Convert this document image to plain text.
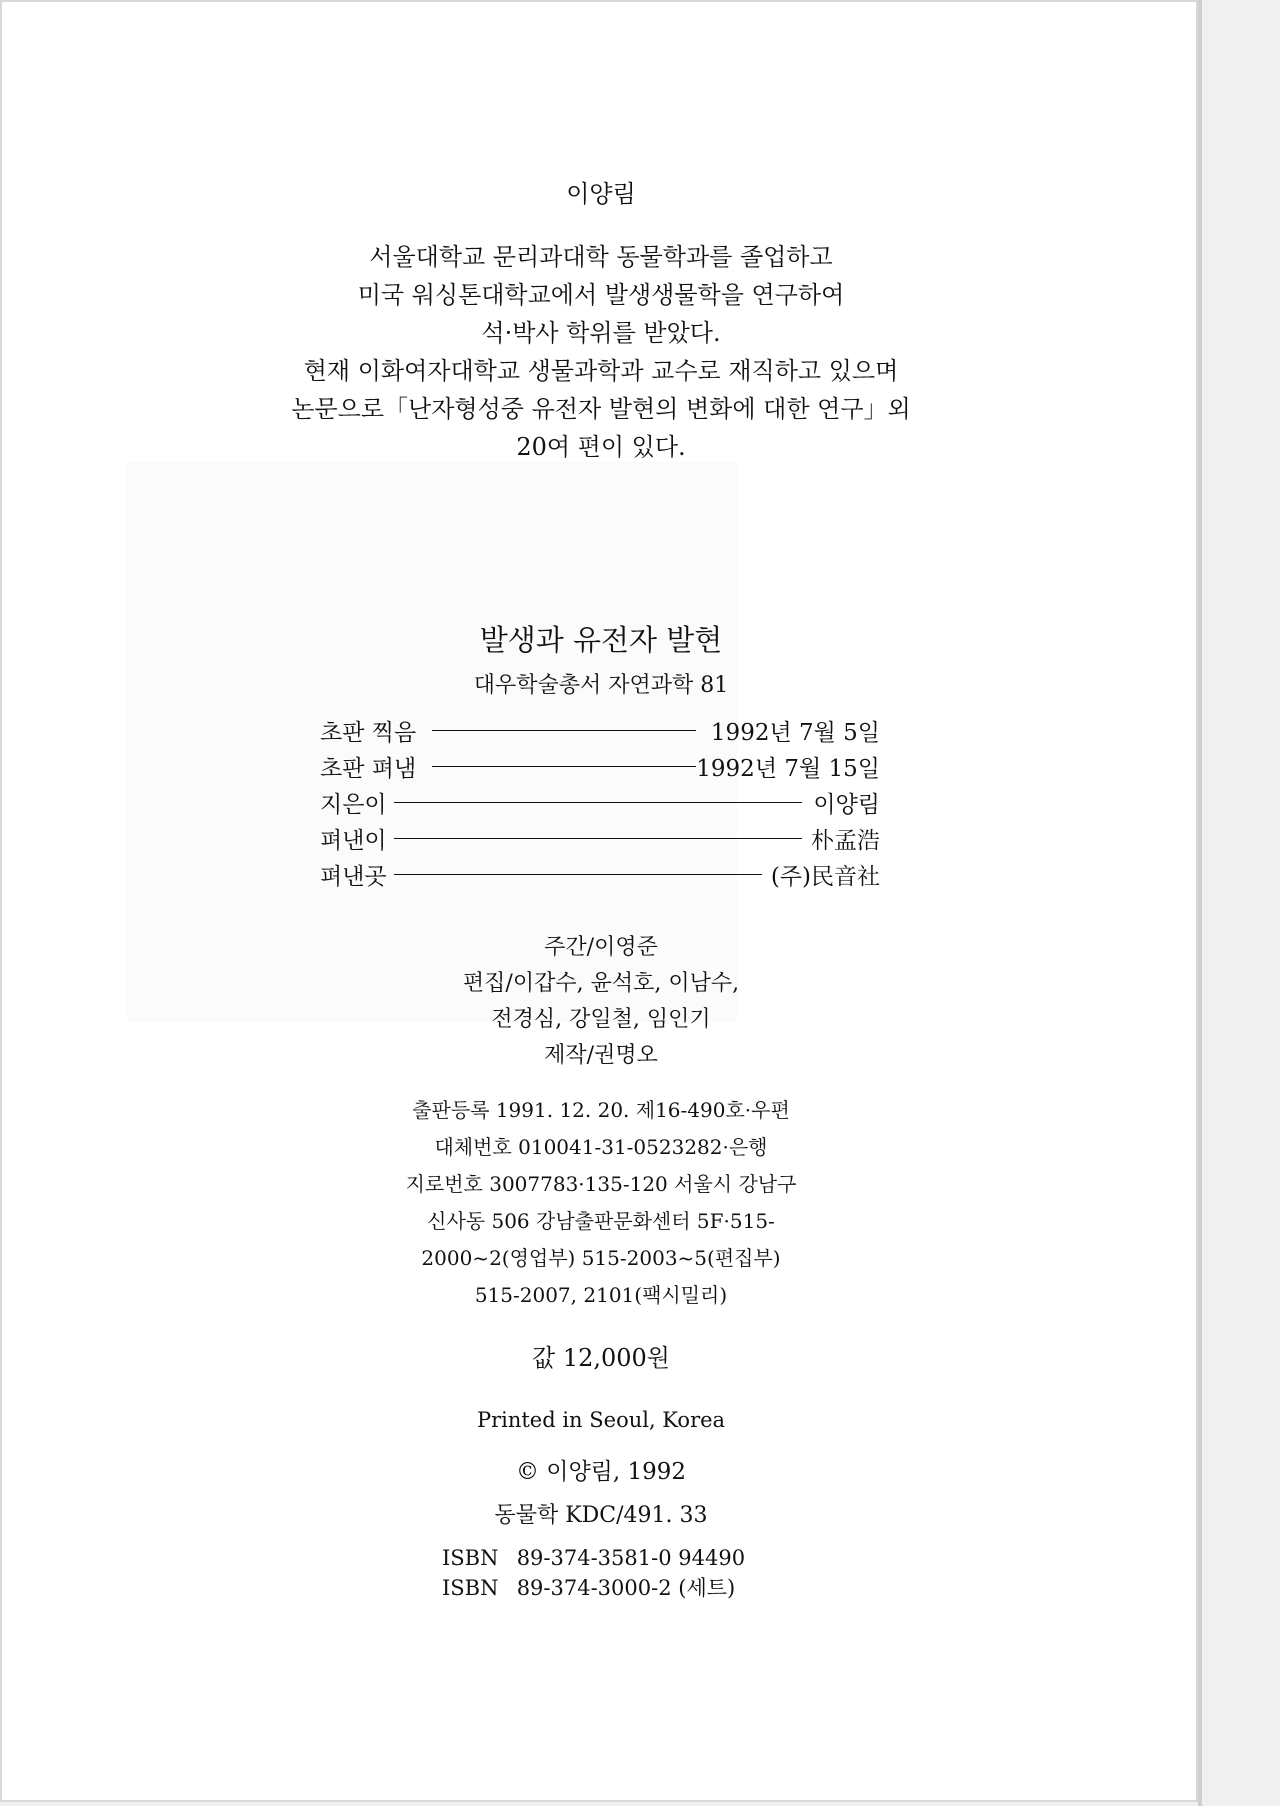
이양림
서울대학교 문리과대학 동물학과를 졸업하고
미국 워싱톤대학교에서 발생생물학을 연구하여
석·박사 학위를 받았다.
현재 이화여자대학교 생물과학과 교수로 재직하고 있으며
논문으로「난자형성중 유전자 발현의 변화에 대한 연구」외
20여 편이 있다.
발생과 유전자 발현
대우학술총서 자연과학 81
초판 찍음	1992년 7월 5일
초판 펴냄	1992년 7월 15일
지은이	이양림
펴낸이	朴孟浩
펴낸곳	(주)民音社
주간/이영준
편집/이갑수, 윤석호, 이남수,
전경심, 강일철, 임인기
제작/권명오
출판등록 1991. 12. 20. 제16-490호·우편
대체번호 010041-31-0523282·은행
지로번호 3007783·135-120 서울시 강남구
신사동 506 강남출판문화센터 5F·515-
2000~2(영업부) 515-2003~5(편집부)
515-2007, 2101(팩시밀리)
값 12,000원
Printed in Seoul, Korea
© 이양림, 1992
동물학 KDC/491. 33
ISBN 89-374-3581-0 94490
ISBN 89-374-3000-2 (세트)
